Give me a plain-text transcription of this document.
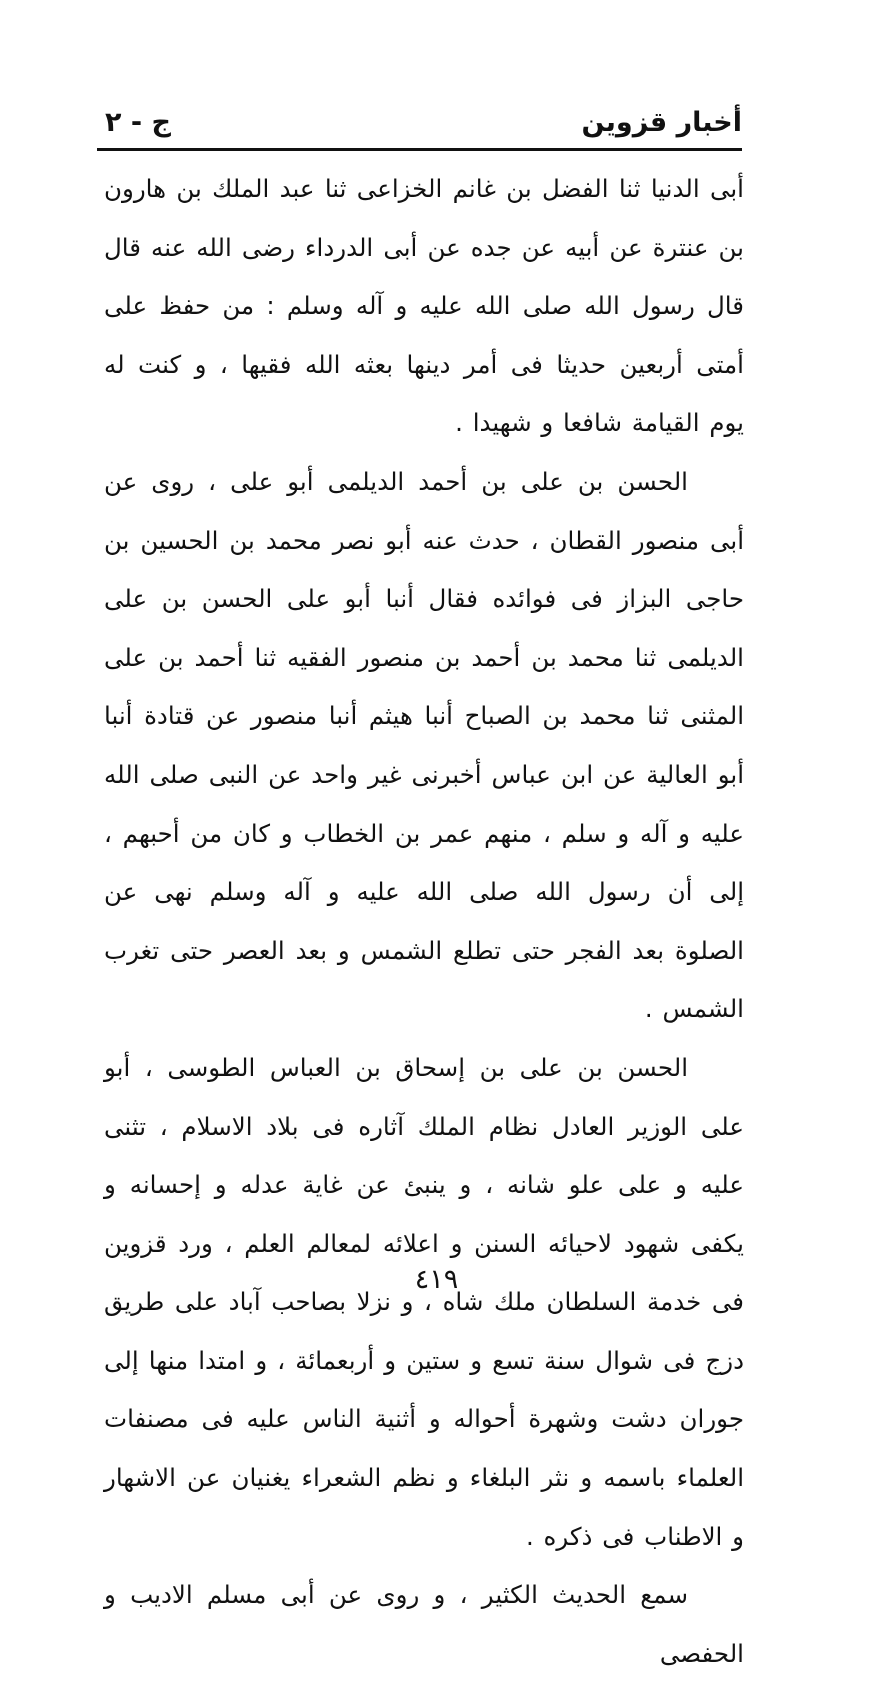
أخبار قزوين
ج - ٢

أبى الدنيا ثنا الفضل بن غانم الخزاعى ثنا عبد الملك بن هارون بن عنترة عن أبيه عن جده عن أبى الدرداء رضى الله عنه قال قال رسول الله صلى الله عليه و آله وسلم : من حفظ على أمتى أربعين حديثا فى أمر دينها بعثه الله فقيها ، و كنت له يوم القيامة شافعا و شهيدا .

الحسن بن على بن أحمد الديلمى أبو على ، روى عن أبى منصور القطان ، حدث عنه أبو نصر محمد بن الحسين بن حاجى البزاز فى فوائده فقال أنبا أبو على الحسن بن على الديلمى ثنا محمد بن أحمد بن منصور الفقيه ثنا أحمد بن على المثنى ثنا محمد بن الصباح أنبا هيثم أنبا منصور عن قتادة أنبا أبو العالية عن ابن عباس أخبرنى غير واحد عن النبى صلى الله عليه و آله و سلم ، منهم عمر بن الخطاب و كان من أحبهم ، إلى أن رسول الله صلى الله عليه و آله وسلم نهى عن الصلوة بعد الفجر حتى تطلع الشمس و بعد العصر حتى تغرب الشمس .

الحسن بن على بن إسحاق بن العباس الطوسى ، أبو على الوزير العادل نظام الملك آثاره فى بلاد الاسلام ، تثنى عليه و على علو شانه ، و ينبئ عن غاية عدله و إحسانه و يكفى شهود لاحيائه السنن و اعلائه لمعالم العلم ، ورد قزوين فى خدمة السلطان ملك شاه ، و نزلا بصاحب آباد على طريق دزج فى شوال سنة تسع و ستين و أربعمائة ، و امتدا منها إلى جوران دشت وشهرة أحواله و أثنية الناس عليه فى مصنفات العلماء باسمه و نثر البلغاء و نظم الشعراء يغنيان عن الاشهار و الاطناب فى ذكره .

سمع الحديث الكثير ، و روى عن أبى مسلم الاديب و الحفصى

٤١٩
